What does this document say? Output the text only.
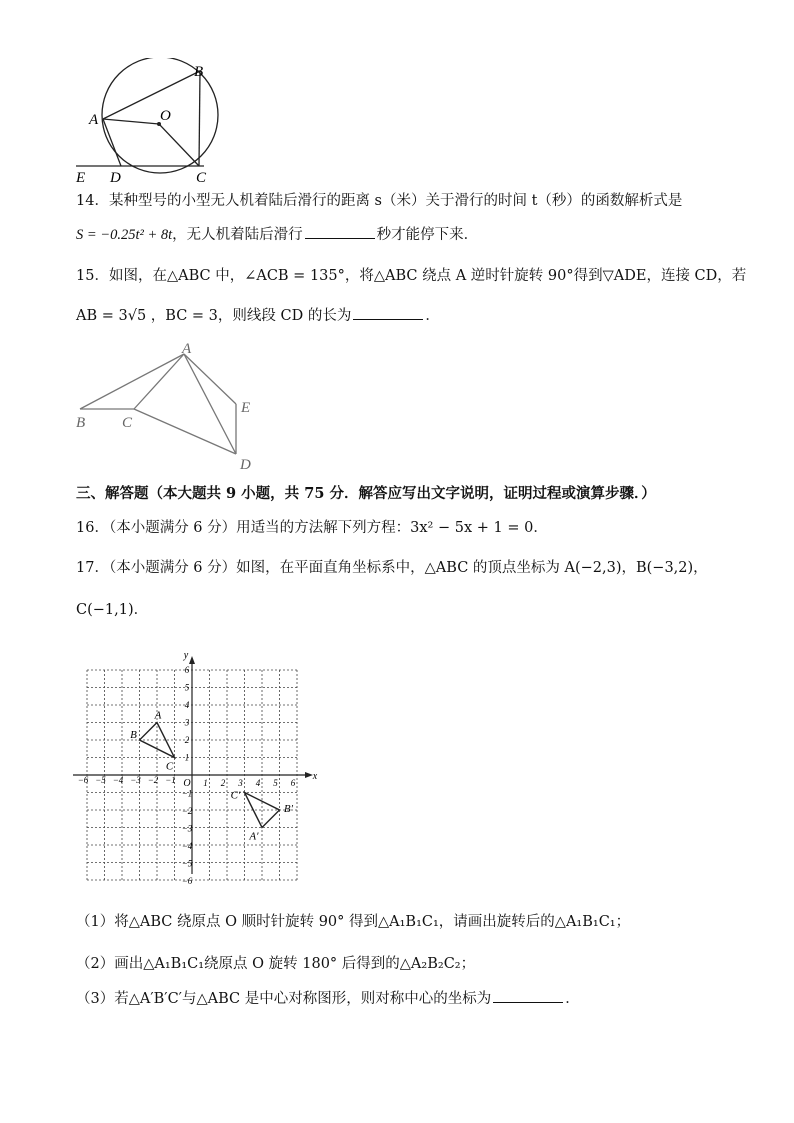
A
B
O
E D	C
14．某种型号的小型无人机着陆后滑行的距离 s（米）关于滑行的时间 t（秒）的函数解析式是
S = −0.25t² + 8t，无人机着陆后滑行	秒才能停下来．
15．如图，在△ABC 中，∠ACB = 135°，将△ABC 绕点 A 逆时针旋转 90°得到▽ADE，连接 CD，若
AB = 3√5 ，BC = 3，则线段 CD 的长为	．
A
B C
E
D
三、解答题（本大题共 9 小题，共 75 分．解答应写出文字说明，证明过程或演算步骤．）
16．（本小题满分 6 分）用适当的方法解下列方程：3x² − 5x + 1 = 0．
17．（本小题满分 6 分）如图，在平面直角坐标系中，△ABC 的顶点坐标为 A(−2,3)，B(−3,2)，
C(−1,1)．
x
y
O 1
1
2
2
3
3
4
4
5
5
6
6
−1
−1
−2
−2
−3
−3
−4
−4
−5
−5
−6
−6
A
B
C
A′
B′
C′
（1）将△ABC 绕原点 O 顺时针旋转 90° 得到△A₁B₁C₁，请画出旋转后的△A₁B₁C₁；
（2）画出△A₁B₁C₁绕原点 O 旋转 180° 后得到的△A₂B₂C₂；
（3）若△A′B′C′与△ABC 是中心对称图形，则对称中心的坐标为	．
